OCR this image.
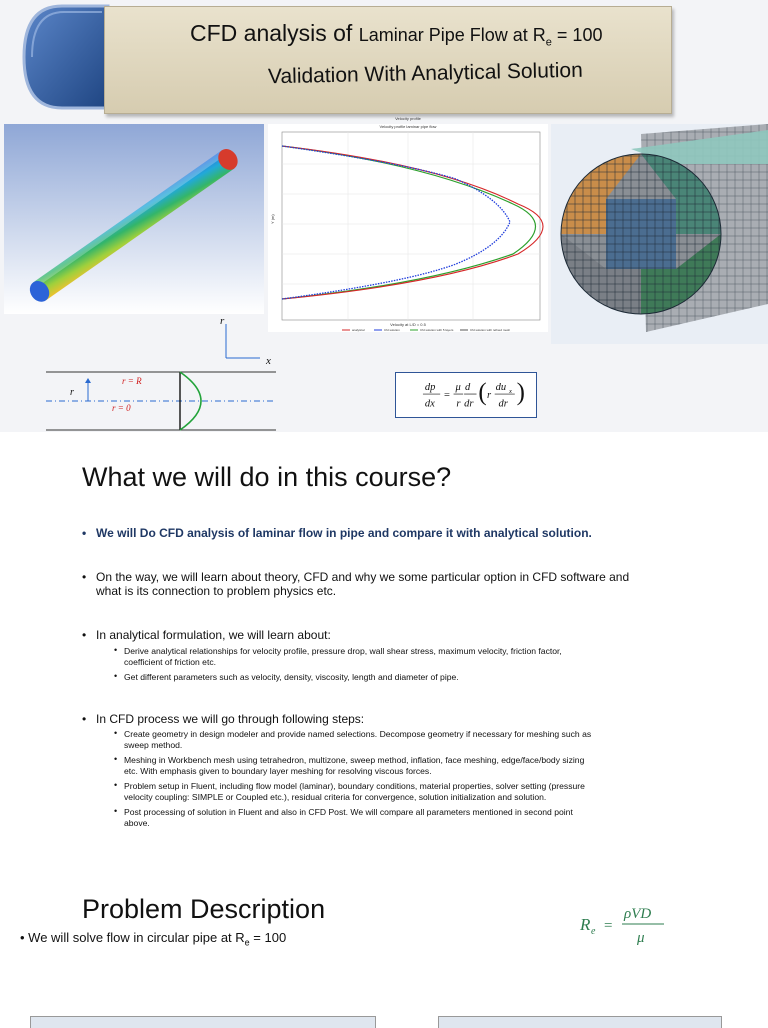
CFD analysis of Laminar Pipe Flow at $R_e = 100$
Validation With Analytical Solution
Velocity profile
Velocity profile laminar pipe flow
Y (m)
Velocity at L/D = 0.5
analytical	Cfd solution	Cfd solution with 5 layers	Cfd solution with refined mesh
r
x
r
r = R
r = 0
dp
dx
=
μ
r
d
dr ( r
du x
dr )
What we will do in this course?
• We will Do CFD analysis of laminar flow in pipe and compare it with analytical solution.
• On the way, we will learn about theory, CFD and why we some particular option in CFD software and
what is its connection to problem physics etc.
• In analytical formulation, we will learn about:
• Derive analytical relationships for velocity profile, pressure drop, wall shear stress, maximum velocity, friction factor,
coefficient of friction etc.
• Get different parameters such as velocity, density, viscosity, length and diameter of pipe.
• In CFD process we will go through following steps:
• Create geometry in design modeler and provide named selections. Decompose geometry if necessary for meshing such as
sweep method.
• Meshing in Workbench mesh using tetrahedron, multizone, sweep method, inflation, face meshing, edge/face/body sizing
etc. With emphasis given to boundary layer meshing for resolving viscous forces.
• Problem setup in Fluent, including flow model (laminar), boundary conditions, material properties, solver setting (pressure
velocity coupling: SIMPLE or Coupled etc.), residual criteria for convergence, solution initialization and solution.
• Post processing of solution in Fluent and also in CFD Post. We will compare all parameters mentioned in second point
above.
Problem Description
• We will solve flow in circular pipe at $R_e = 100$
R e =
ρVD
μ
